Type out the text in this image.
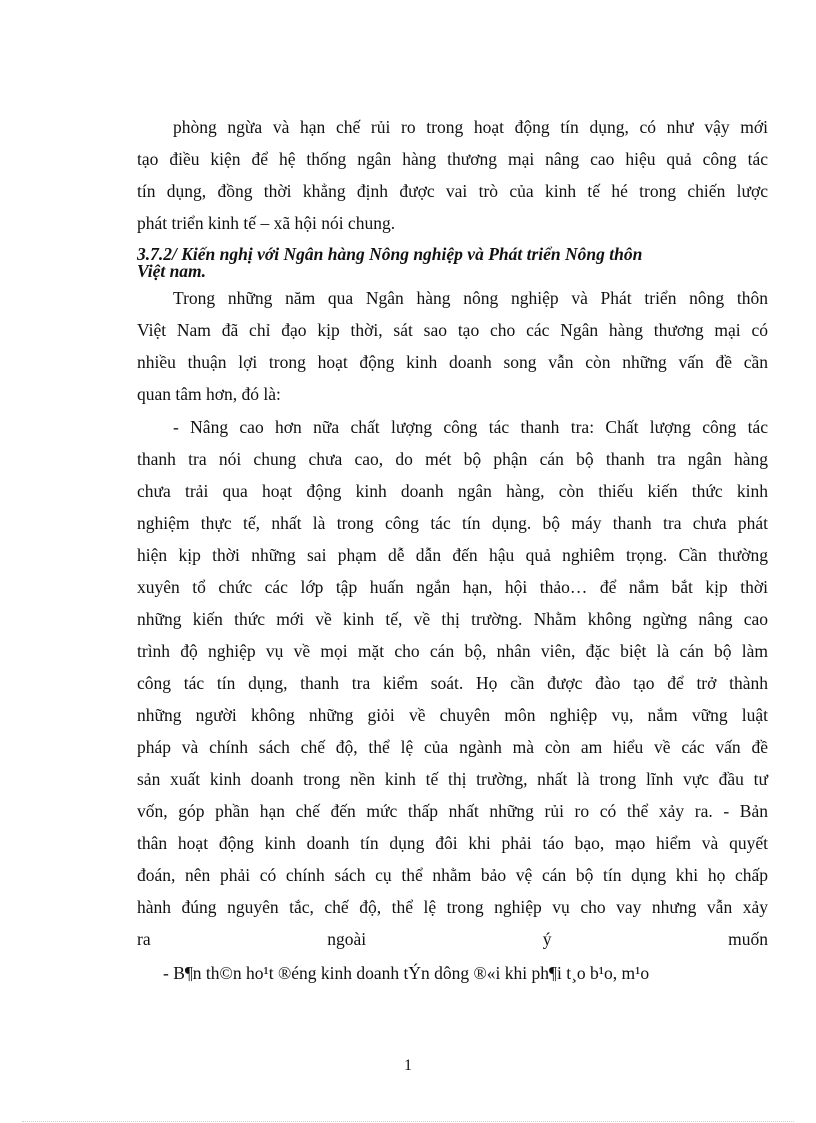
phòng ngừa và hạn chế rủi ro trong hoạt động tín dụng, có như vậy mới
tạo điều kiện để hệ thống ngân hàng thương mại nâng cao hiệu quả công tác
tín dụng, đồng thời khẳng định được vai trò của kinh tế hé trong chiến lược
phát triển kinh tế – xã hội nói chung.
3.7.2/ Kiến nghị với Ngân hàng Nông nghiệp và Phát triển Nông thôn
Việt nam.
Trong những năm qua Ngân hàng nông nghiệp và Phát triển nông thôn
Việt Nam đã chỉ đạo kịp thời, sát sao tạo cho các Ngân hàng thương mại có
nhiều thuận lợi trong hoạt động kinh doanh song vẫn còn những vấn đề cần
quan tâm hơn, đó là:
- Nâng cao hơn nữa chất lượng công tác thanh tra: Chất lượng công tác
thanh tra nói chung chưa cao, do mét bộ phận cán bộ thanh tra ngân hàng
chưa trải qua hoạt động kinh doanh ngân hàng, còn thiếu kiến thức kinh
nghiệm thực tế, nhất là trong công tác tín dụng. bộ máy thanh tra chưa phát
hiện kịp thời những sai phạm dễ dẫn đến hậu quả nghiêm trọng. Cần thường
xuyên tổ chức các lớp tập huấn ngắn hạn, hội thảo… để nắm bắt kịp thời
những kiến thức mới về kinh tế, về thị trường. Nhằm không ngừng nâng cao
trình độ nghiệp vụ về mọi mặt cho cán bộ, nhân viên, đặc biệt là cán bộ làm
công tác tín dụng, thanh tra kiểm soát. Họ cần được đào tạo để trở thành
những người không những giỏi về chuyên môn nghiệp vụ, nắm vững luật
pháp và chính sách chế độ, thể lệ của ngành mà còn am hiểu về các vấn đề
sản xuất kinh doanh trong nền kinh tế thị trường, nhất là trong lĩnh vực đầu tư
vốn, góp phần hạn chế đến mức thấp nhất những rủi ro có thể xảy ra. - Bản
thân hoạt động kinh doanh tín dụng đôi khi phải táo bạo, mạo hiểm và quyết
đoán, nên phải có chính sách cụ thể nhằm bảo vệ cán bộ tín dụng khi họ chấp
hành đúng nguyên tắc, chế độ, thể lệ trong nghiệp vụ cho vay nhưng vẫn xảy
ra ngoài ý muốn
- B¶n th©n ho¹t ®éng kinh doanh tÝn dông ®«i khi ph¶i t¸o b¹o, m¹o
1
